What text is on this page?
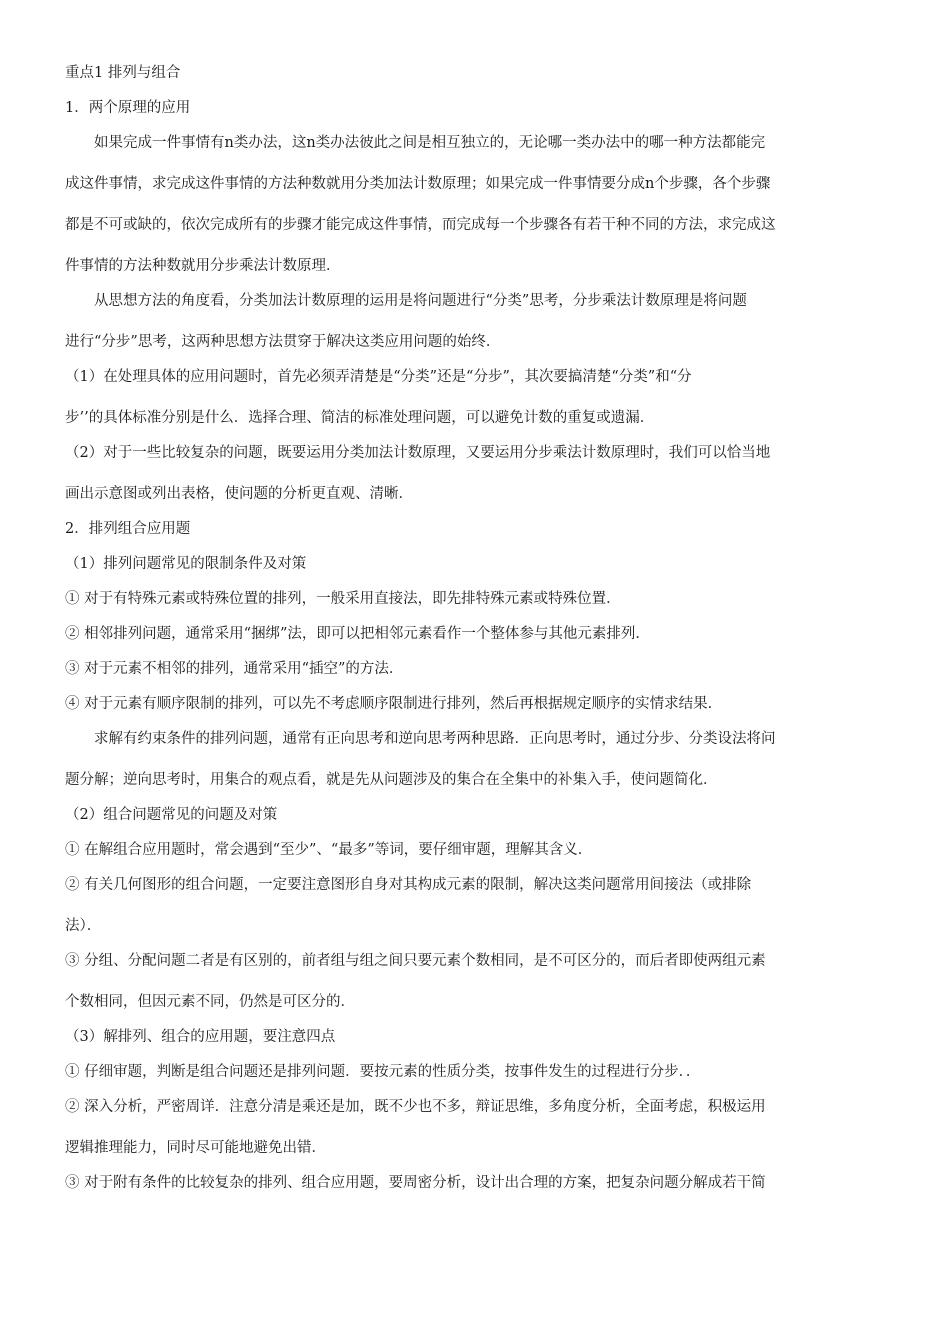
重点1 排列与组合

1．两个原理的应用

如果完成一件事情有n类办法，这n类办法彼此之间是相互独立的，无论哪一类办法中的哪一种方法都能完
成这件事情，求完成这件事情的方法种数就用分类加法计数原理；如果完成一件事情要分成n个步骤，各个步骤
都是不可或缺的，依次完成所有的步骤才能完成这件事情，而完成每一个步骤各有若干种不同的方法，求完成这
件事情的方法种数就用分步乘法计数原理．
从思想方法的角度看，分类加法计数原理的运用是将问题进行“分类”思考，分步乘法计数原理是将问题
进行“分步”思考，这两种思想方法贯穿于解决这类应用问题的始终．
（1）在处理具体的应用问题时，首先必须弄清楚是“分类”还是“分步”，其次要搞清楚“分类”和“分
步’’的具体标准分别是什么．选择合理、简洁的标准处理问题，可以避免计数的重复或遗漏．
（2）对于一些比较复杂的问题，既要运用分类加法计数原理，又要运用分步乘法计数原理时，我们可以恰当地
画出示意图或列出表格，使问题的分析更直观、清晰．

2．排列组合应用题

（1）排列问题常见的限制条件及对策

① 对于有特殊元素或特殊位置的排列，一般采用直接法，即先排特殊元素或特殊位置．

② 相邻排列问题，通常采用“捆绑”法，即可以把相邻元素看作一个整体参与其他元素排列．

③ 对于元素不相邻的排列，通常采用“插空”的方法．

④ 对于元素有顺序限制的排列，可以先不考虑顺序限制进行排列，然后再根据规定顺序的实情求结果．

求解有约束条件的排列问题，通常有正向思考和逆向思考两种思路．正向思考时，通过分步、分类设法将问
题分解；逆向思考时，用集合的观点看，就是先从问题涉及的集合在全集中的补集入手，使问题简化．

（2）组合问题常见的问题及对策

① 在解组合应用题时，常会遇到“至少”、“最多”等词，要仔细审题，理解其含义．

② 有关几何图形的组合问题，一定要注意图形自身对其构成元素的限制，解决这类问题常用间接法（或排除
法）．
③ 分组、分配问题二者是有区别的，前者组与组之间只要元素个数相同，是不可区分的，而后者即使两组元素
个数相同，但因元素不同，仍然是可区分的．

（3）解排列、组合的应用题，要注意四点

① 仔细审题，判断是组合问题还是排列问题．要按元素的性质分类，按事件发生的过程进行分步．．

② 深入分析，严密周详．注意分清是乘还是加，既不少也不多，辩证思维，多角度分析，全面考虑，积极运用
逻辑推理能力，同时尽可能地避免出错．

③ 对于附有条件的比较复杂的排列、组合应用题，要周密分析，设计出合理的方案，把复杂问题分解成若干简
